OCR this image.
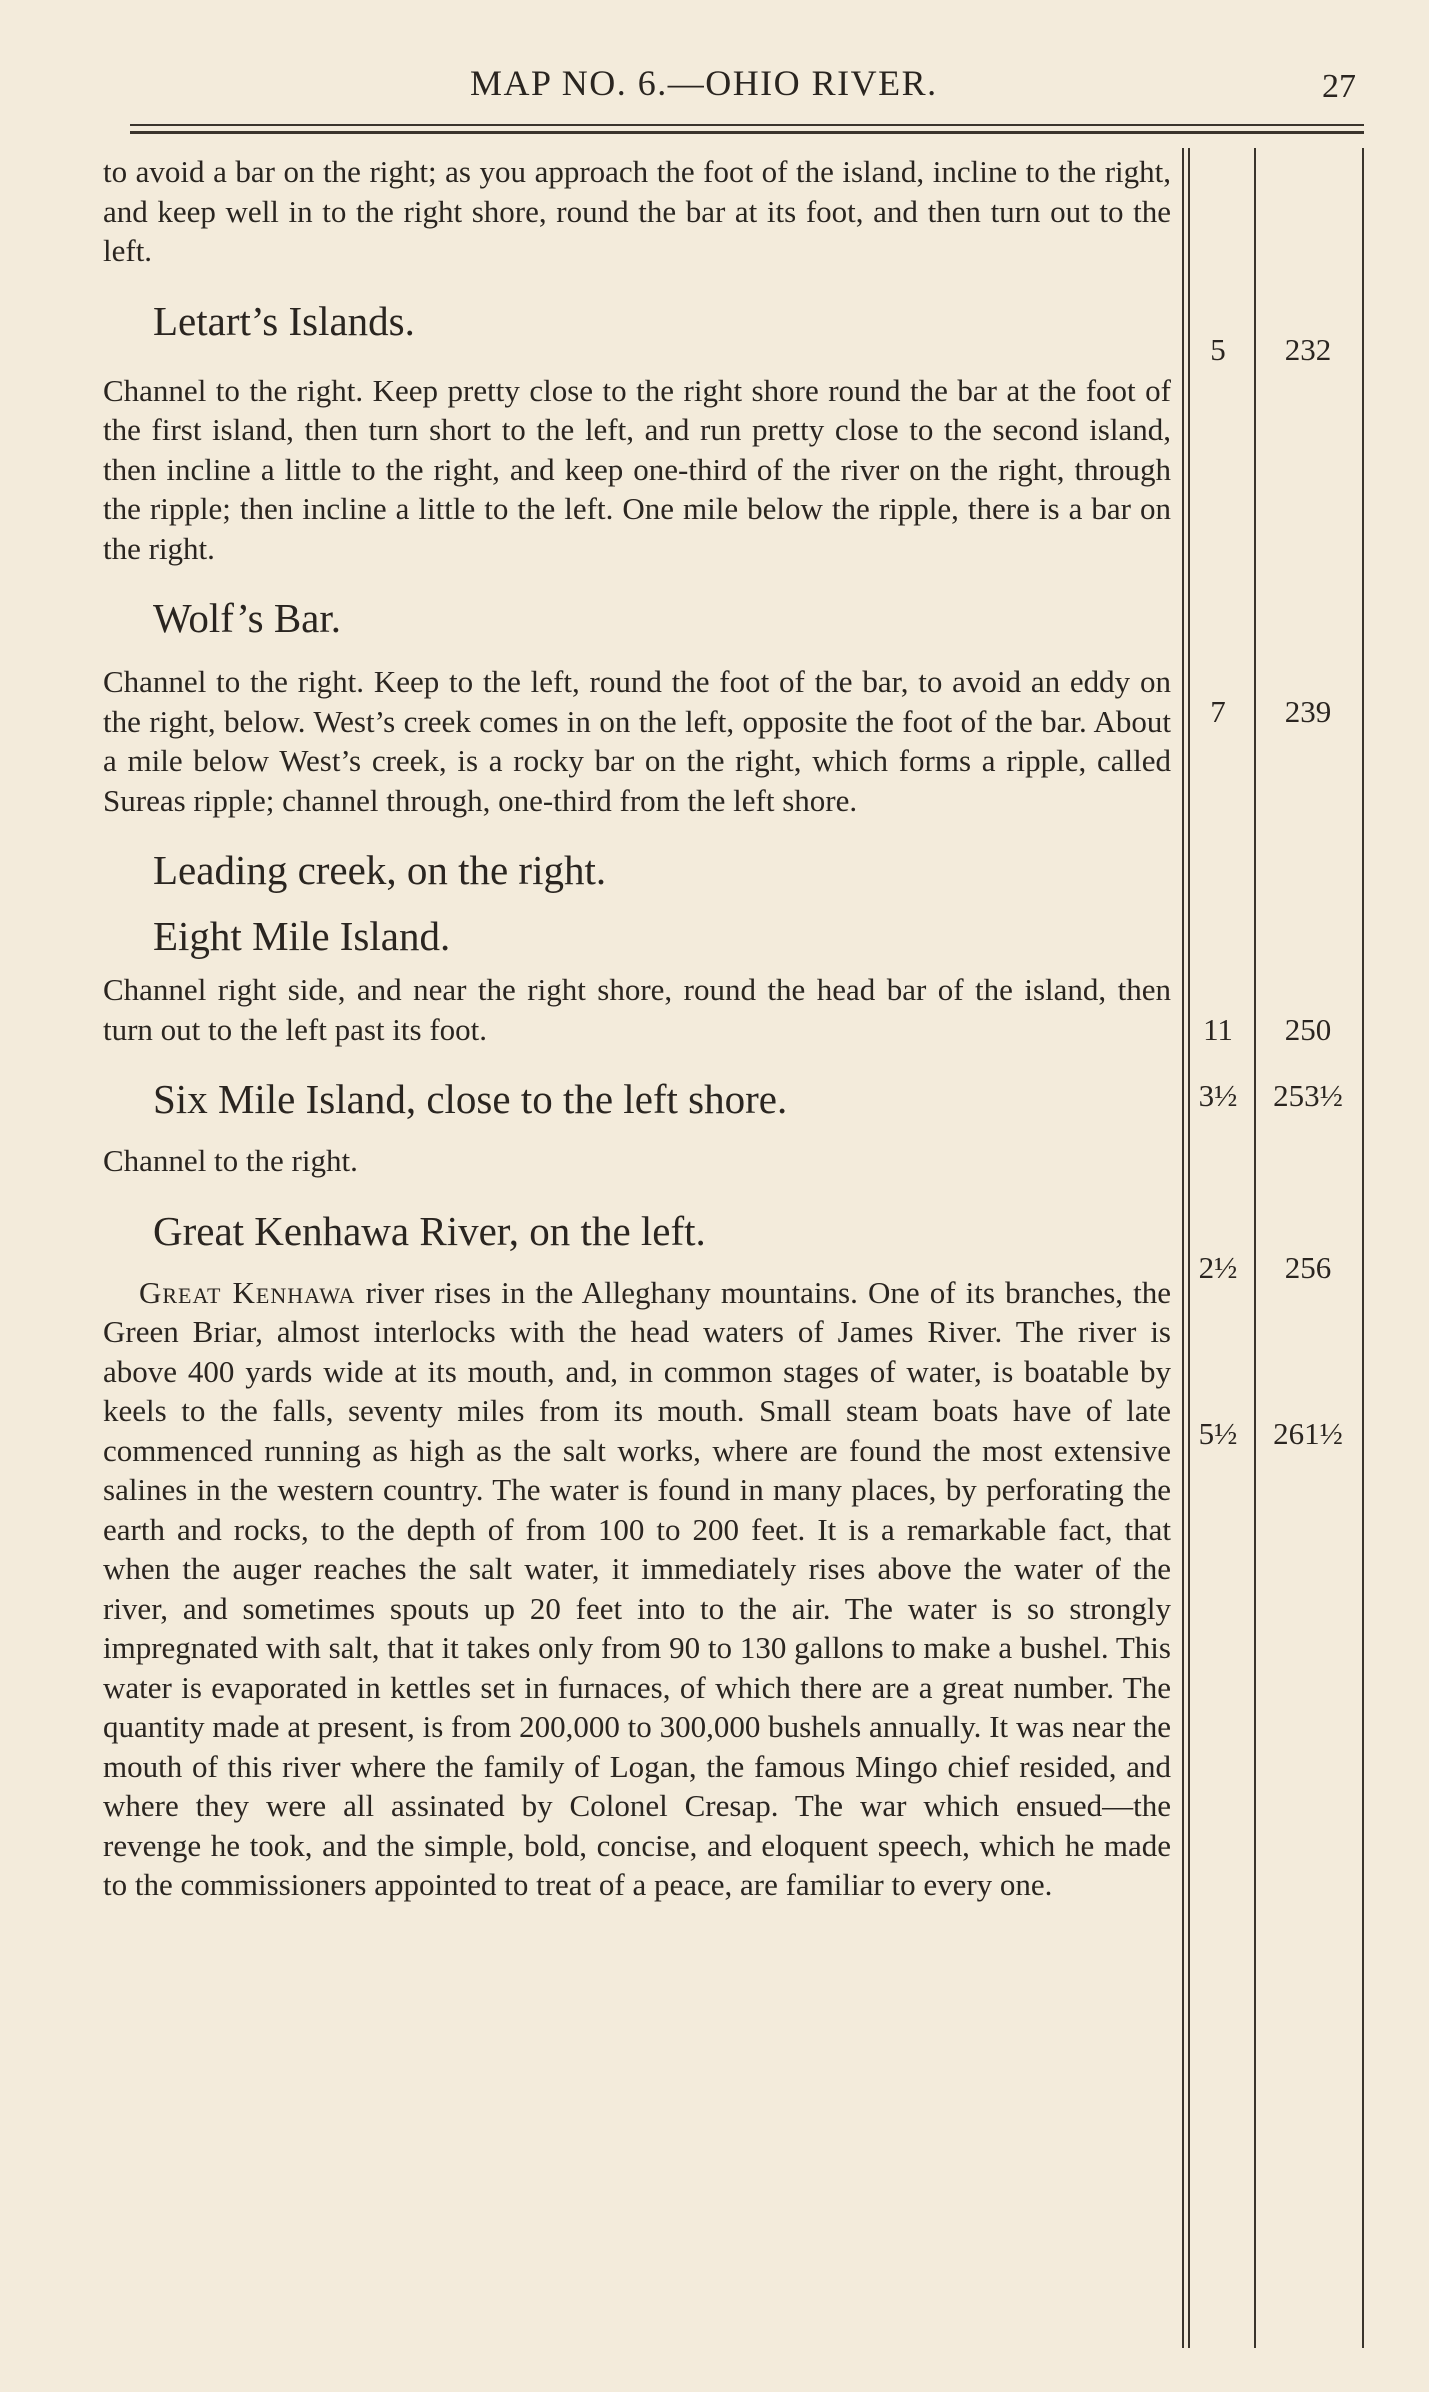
MAP NO. 6.—OHIO RIVER.	27
5	232
7	239
11	250
3½	253½
2½	256
5½	261½

to avoid a bar on the right; as you approach the foot of the island, incline to the right, and keep well in to the right shore, round the bar at its foot, and then turn out to the left.

Letart’s Islands.

Channel to the right. Keep pretty close to the right shore round the bar at the foot of the first island, then turn short to the left, and run pretty close to the second island, then incline a little to the right, and keep one-third of the river on the right, through the ripple; then incline a little to the left. One mile below the ripple, there is a bar on the right.

Wolf’s Bar.

Channel to the right. Keep to the left, round the foot of the bar, to avoid an eddy on the right, below. West’s creek comes in on the left, opposite the foot of the bar. About a mile below West’s creek, is a rocky bar on the right, which forms a ripple, called Sureas ripple; channel through, one-third from the left shore.

Leading creek, on the right.

Eight Mile Island.

Channel right side, and near the right shore, round the head bar of the island, then turn out to the left past its foot.

Six Mile Island, close to the left shore.

Channel to the right.

Great Kenhawa River, on the left.

Great Kenhawa river rises in the Alleghany mountains. One of its branches, the Green Briar, almost interlocks with the head waters of James River. The river is above 400 yards wide at its mouth, and, in common stages of water, is boatable by keels to the falls, seventy miles from its mouth. Small steam boats have of late commenced running as high as the salt works, where are found the most extensive salines in the western country. The water is found in many places, by perforating the earth and rocks, to the depth of from 100 to 200 feet. It is a remarkable fact, that when the auger reaches the salt water, it immediately rises above the water of the river, and sometimes spouts up 20 feet into to the air. The water is so strongly impregnated with salt, that it takes only from 90 to 130 gallons to make a bushel. This water is evaporated in kettles set in furnaces, of which there are a great number. The quantity made at present, is from 200,000 to 300,000 bushels annually. It was near the mouth of this river where the family of Logan, the famous Mingo chief resided, and where they were all assinated by Colonel Cresap. The war which ensued—the revenge he took, and the simple, bold, concise, and eloquent speech, which he made to the commissioners appointed to treat of a peace, are familiar to every one.
